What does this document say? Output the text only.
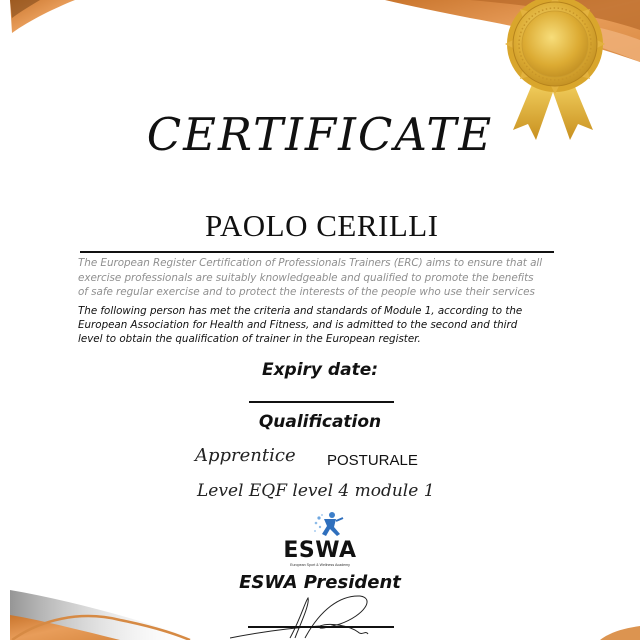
CERTIFICATE
PAOLO CERILLI
The European Register Certification of Professionals Trainers (ERC) aims to ensure that all
exercise professionals are suitably knowledgeable and qualified to promote the benefits
of safe regular exercise and to protect the interests of the people who use their services
The following person has met the criteria and standards of Module 1, according to the
European Association for Health and Fitness, and is admitted to the second and third
level to obtain the qualification of trainer in the European register.
Expiry date:
Qualification
Apprentice POSTURALE
Level EQF level 4 module 1
ESWA
European Sport & Wellness Academy
ESWA President
